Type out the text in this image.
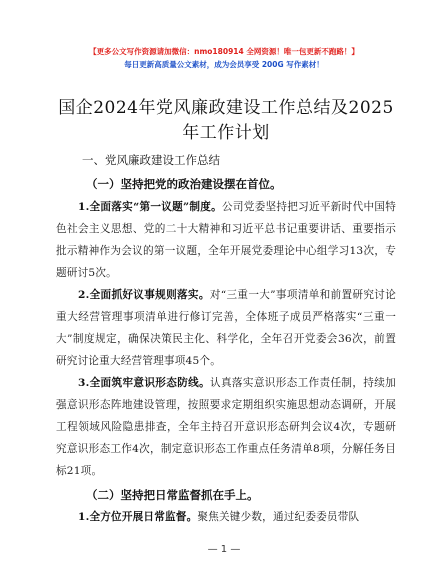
【更多公文写作资源请加微信：nmo180914 全网资源！唯一包更新不跑路！】
每日更新高质量公文素材，成为会员享受 200G 写作素材！
国企2024年党风廉政建设工作总结及2025年工作计划
一、党风廉政建设工作总结
（一）坚持把党的政治建设摆在首位。
1.全面落实“第一议题”制度。公司党委坚持把习近平新时代中国特色社会主义思想、党的二十大精神和习近平总书记重要讲话、重要指示批示精神作为会议的第一议题，全年开展党委理论中心组学习13次，专题研讨5次。
2.全面抓好议事规则落实。对“三重一大”事项清单和前置研究讨论重大经营管理事项清单进行修订完善，全体班子成员严格落实“三重一大”制度规定，确保决策民主化、科学化，全年召开党委会36次，前置研究讨论重大经营管理事项45个。
3.全面筑牢意识形态防线。认真落实意识形态工作责任制，持续加强意识形态阵地建设管理，按照要求定期组织实施思想动态调研，开展工程领域风险隐患排查，全年主持召开意识形态研判会议4次，专题研究意识形态工作4次，制定意识形态工作重点任务清单8项，分解任务目标21项。
（二）坚持把日常监督抓在手上。
1.全方位开展日常监督。聚焦关键少数，通过纪委委员带队
— 1 —
